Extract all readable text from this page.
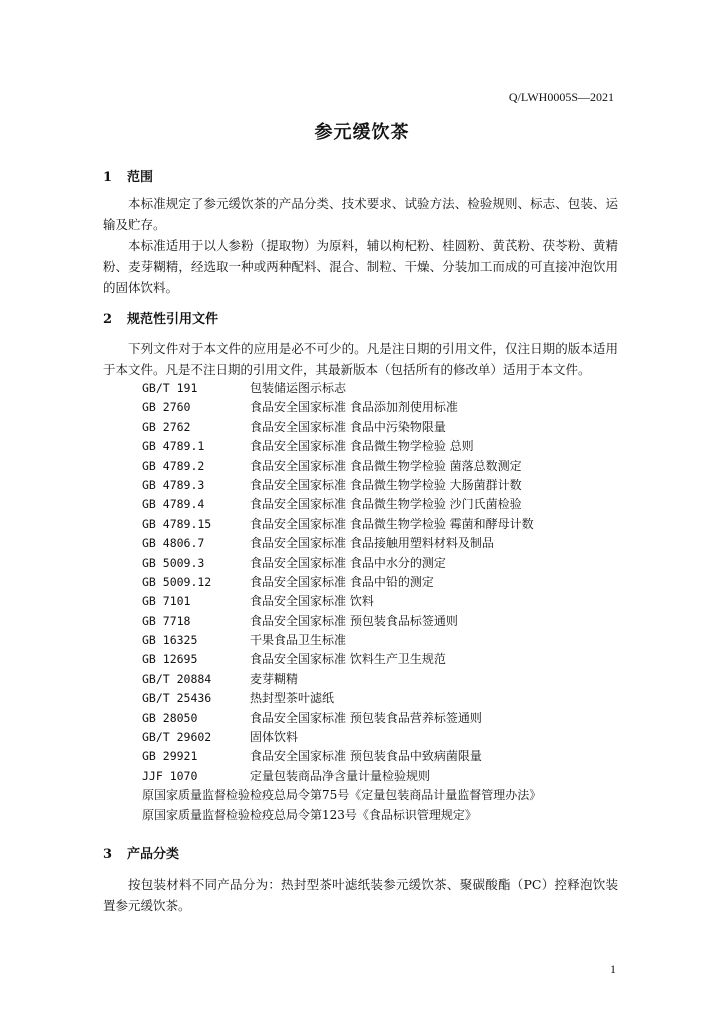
Q/LWH0005S—2021
参元缓饮茶
1 范围

本标准规定了参元缓饮茶的产品分类、技术要求、试验方法、检验规则、标志、包装、运输及贮存。

本标准适用于以人参粉（提取物）为原料，辅以枸杞粉、桂圆粉、黄芪粉、茯苓粉、黄精粉、麦芽糊精，经选取一种或两种配料、混合、制粒、干燥、分装加工而成的可直接冲泡饮用的固体饮料。

2 规范性引用文件

下列文件对于本文件的应用是必不可少的。凡是注日期的引用文件，仅注日期的版本适用于本文件。凡是不注日期的引用文件，其最新版本（包括所有的修改单）适用于本文件。

GB/T 191	包装储运图示标志
GB 2760	食品安全国家标准 食品添加剂使用标准
GB 2762	食品安全国家标准 食品中污染物限量
GB 4789.1	食品安全国家标准 食品微生物学检验 总则
GB 4789.2	食品安全国家标准 食品微生物学检验 菌落总数测定
GB 4789.3	食品安全国家标准 食品微生物学检验 大肠菌群计数
GB 4789.4	食品安全国家标准 食品微生物学检验 沙门氏菌检验
GB 4789.15	食品安全国家标准 食品微生物学检验 霉菌和酵母计数
GB 4806.7	食品安全国家标准 食品接触用塑料材料及制品
GB 5009.3	食品安全国家标准 食品中水分的测定
GB 5009.12	食品安全国家标准 食品中铅的测定
GB 7101	食品安全国家标准 饮料
GB 7718	食品安全国家标准 预包装食品标签通则
GB 16325	干果食品卫生标准
GB 12695	食品安全国家标准 饮料生产卫生规范
GB/T 20884	麦芽糊精
GB/T 25436	热封型茶叶滤纸
GB 28050	食品安全国家标准 预包装食品营养标签通则
GB/T 29602	固体饮料
GB 29921	食品安全国家标准 预包装食品中致病菌限量
JJF 1070	定量包装商品净含量计量检验规则
原国家质量监督检验检疫总局令第75号《定量包装商品计量监督管理办法》
原国家质量监督检验检疫总局令第123号《食品标识管理规定》
3 产品分类

按包装材料不同产品分为：热封型茶叶滤纸装参元缓饮茶、聚碳酸酯（PC）控释泡饮装置参元缓饮茶。

1
